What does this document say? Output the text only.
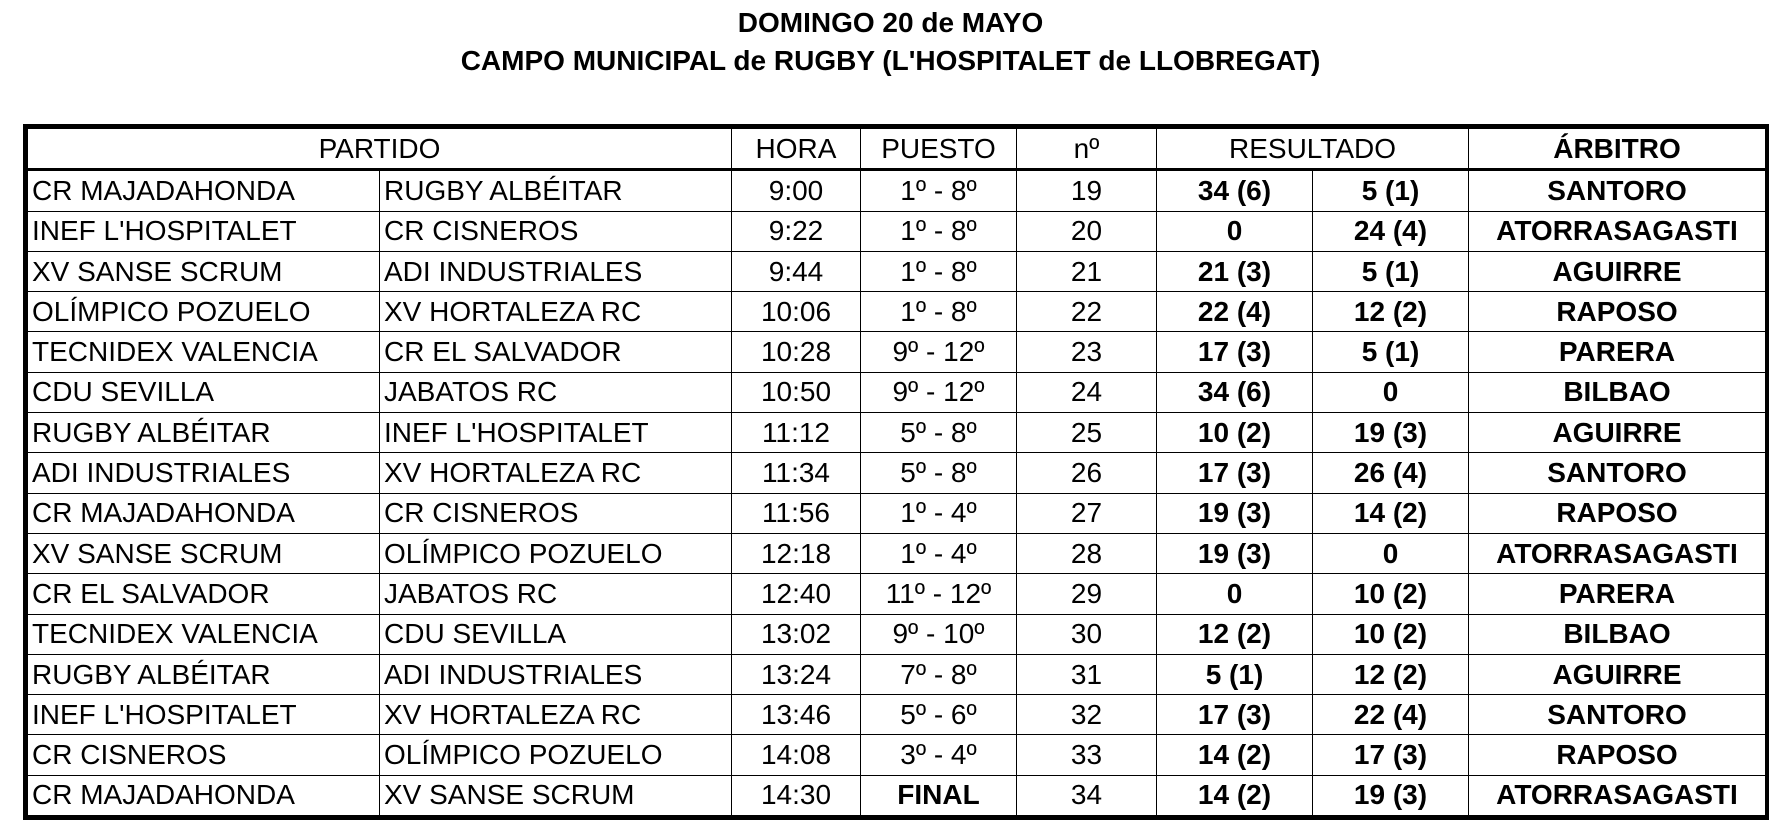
DOMINGO 20 de MAYO
CAMPO MUNICIPAL de RUGBY (L'HOSPITALET de LLOBREGAT)
PARTIDO		HORA	PUESTO	nº	RESULTADO		ÁRBITRO
CR MAJADAHONDA	RUGBY ALBÉITAR	9:00	1º - 8º	19	34 (6)	5 (1)	SANTORO
INEF L'HOSPITALET	CR CISNEROS	9:22	1º - 8º	20	0	24 (4)	ATORRASAGASTI
XV SANSE SCRUM	ADI INDUSTRIALES	9:44	1º - 8º	21	21 (3)	5 (1)	AGUIRRE
OLÍMPICO POZUELO	XV HORTALEZA RC	10:06	1º - 8º	22	22 (4)	12 (2)	RAPOSO
TECNIDEX VALENCIA	CR EL SALVADOR	10:28	9º - 12º	23	17 (3)	5 (1)	PARERA
CDU SEVILLA	JABATOS RC	10:50	9º - 12º	24	34 (6)	0	BILBAO
RUGBY ALBÉITAR	INEF L'HOSPITALET	11:12	5º - 8º	25	10 (2)	19 (3)	AGUIRRE
ADI INDUSTRIALES	XV HORTALEZA RC	11:34	5º - 8º	26	17 (3)	26 (4)	SANTORO
CR MAJADAHONDA	CR CISNEROS	11:56	1º - 4º	27	19 (3)	14 (2)	RAPOSO
XV SANSE SCRUM	OLÍMPICO POZUELO	12:18	1º - 4º	28	19 (3)	0	ATORRASAGASTI
CR EL SALVADOR	JABATOS RC	12:40	11º - 12º	29	0	10 (2)	PARERA
TECNIDEX VALENCIA	CDU SEVILLA	13:02	9º - 10º	30	12 (2)	10 (2)	BILBAO
RUGBY ALBÉITAR	ADI INDUSTRIALES	13:24	7º - 8º	31	5 (1)	12 (2)	AGUIRRE
INEF L'HOSPITALET	XV HORTALEZA RC	13:46	5º - 6º	32	17 (3)	22 (4)	SANTORO
CR CISNEROS	OLÍMPICO POZUELO	14:08	3º - 4º	33	14 (2)	17 (3)	RAPOSO
CR MAJADAHONDA	XV SANSE SCRUM	14:30	FINAL	34	14 (2)	19 (3)	ATORRASAGASTI
